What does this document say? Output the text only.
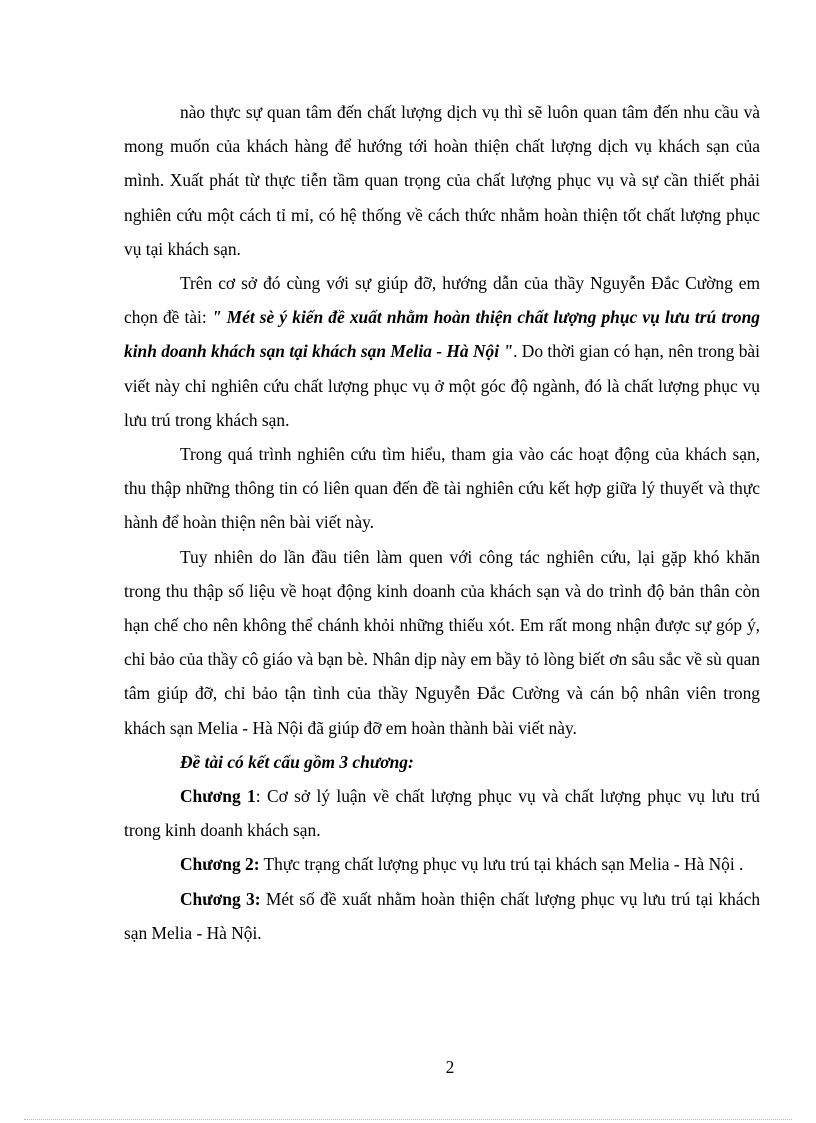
nào thực sự quan tâm đến chất lượng dịch vụ thì sẽ luôn quan tâm đến nhu cầu và mong muốn của khách hàng để hướng tới hoàn thiện chất lượng dịch vụ khách sạn của mình. Xuất phát từ thực tiễn tầm quan trọng của chất lượng phục vụ và sự cần thiết phải nghiên cứu một cách tỉ mỉ, có hệ thống về cách thức nhằm hoàn thiện tốt chất lượng phục vụ tại khách sạn.

Trên cơ sở đó cùng với sự giúp đỡ, hướng dẫn của thầy Nguyễn Đắc Cường em chọn đề tài: " Mét sè ý kiến đề xuất nhằm hoàn thiện chất lượng phục vụ lưu trú trong kinh doanh khách sạn tại khách sạn Melia - Hà Nội ". Do thời gian có hạn, nên trong bài viết này chỉ nghiên cứu chất lượng phục vụ ở một góc độ ngành, đó là chất lượng phục vụ lưu trú trong khách sạn.

Trong quá trình nghiên cứu tìm hiểu, tham gia vào các hoạt động của khách sạn, thu thập những thông tin có liên quan đến đề tài nghiên cứu kết hợp giữa lý thuyết và thực hành để hoàn thiện nên bài viết này.

Tuy nhiên do lần đầu tiên làm quen với công tác nghiên cứu, lại gặp khó khăn trong thu thập số liệu về hoạt động kinh doanh của khách sạn và do trình độ bản thân còn hạn chế cho nên không thể chánh khỏi những thiếu xót. Em rất mong nhận được sự góp ý, chỉ bảo của thầy cô giáo và bạn bè. Nhân dịp này em bầy tỏ lòng biết ơn sâu sắc về sù quan tâm giúp đỡ, chỉ bảo tận tình của thầy Nguyễn Đắc Cường và cán bộ nhân viên trong khách sạn Melia - Hà Nội đã giúp đỡ em hoàn thành bài viết này.

Đề tài có kết cấu gồm 3 chương:

Chương 1: Cơ sở lý luận về chất lượng phục vụ và chất lượng phục vụ lưu trú trong kinh doanh khách sạn.

Chương 2: Thực trạng chất lượng phục vụ lưu trú tại khách sạn Melia - Hà Nội .

Chương 3: Mét số đề xuất nhằm hoàn thiện chất lượng phục vụ lưu trú tại khách sạn Melia - Hà Nội.

2
